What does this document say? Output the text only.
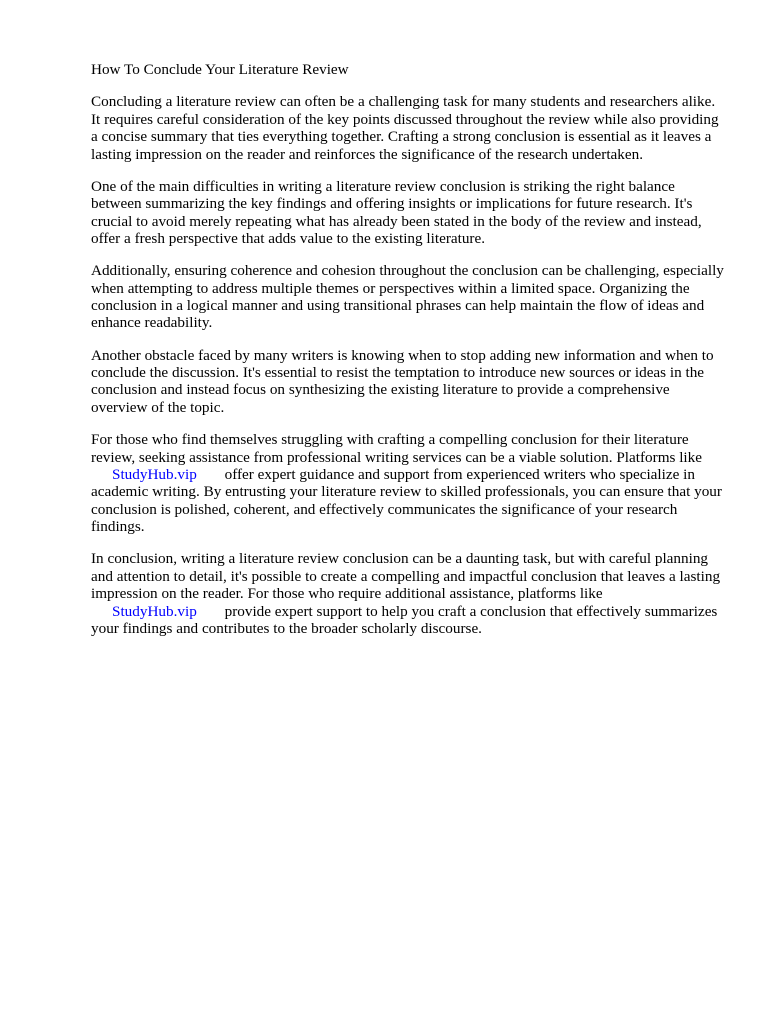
How To Conclude Your Literature Review

Concluding a literature review can often be a challenging task for many students and researchers alike. It requires careful consideration of the key points discussed throughout the review while also providing a concise summary that ties everything together. Crafting a strong conclusion is essential as it leaves a lasting impression on the reader and reinforces the significance of the research undertaken.

One of the main difficulties in writing a literature review conclusion is striking the right balance between summarizing the key findings and offering insights or implications for future research. It's crucial to avoid merely repeating what has already been stated in the body of the review and instead, offer a fresh perspective that adds value to the existing literature.

Additionally, ensuring coherence and cohesion throughout the conclusion can be challenging, especially when attempting to address multiple themes or perspectives within a limited space. Organizing the conclusion in a logical manner and using transitional phrases can help maintain the flow of ideas and enhance readability.

Another obstacle faced by many writers is knowing when to stop adding new information and when to conclude the discussion. It's essential to resist the temptation to introduce new sources or ideas in the conclusion and instead focus on synthesizing the existing literature to provide a comprehensive overview of the topic.

For those who find themselves struggling with crafting a compelling conclusion for their literature review, seeking assistance from professional writing services can be a viable solution. Platforms like StudyHub.vip offer expert guidance and support from experienced writers who specialize in academic writing. By entrusting your literature review to skilled professionals, you can ensure that your conclusion is polished, coherent, and effectively communicates the significance of your research findings.

In conclusion, writing a literature review conclusion can be a daunting task, but with careful planning and attention to detail, it's possible to create a compelling and impactful conclusion that leaves a lasting impression on the reader. For those who require additional assistance, platforms like StudyHub.vip provide expert support to help you craft a conclusion that effectively summarizes your findings and contributes to the broader scholarly discourse.
